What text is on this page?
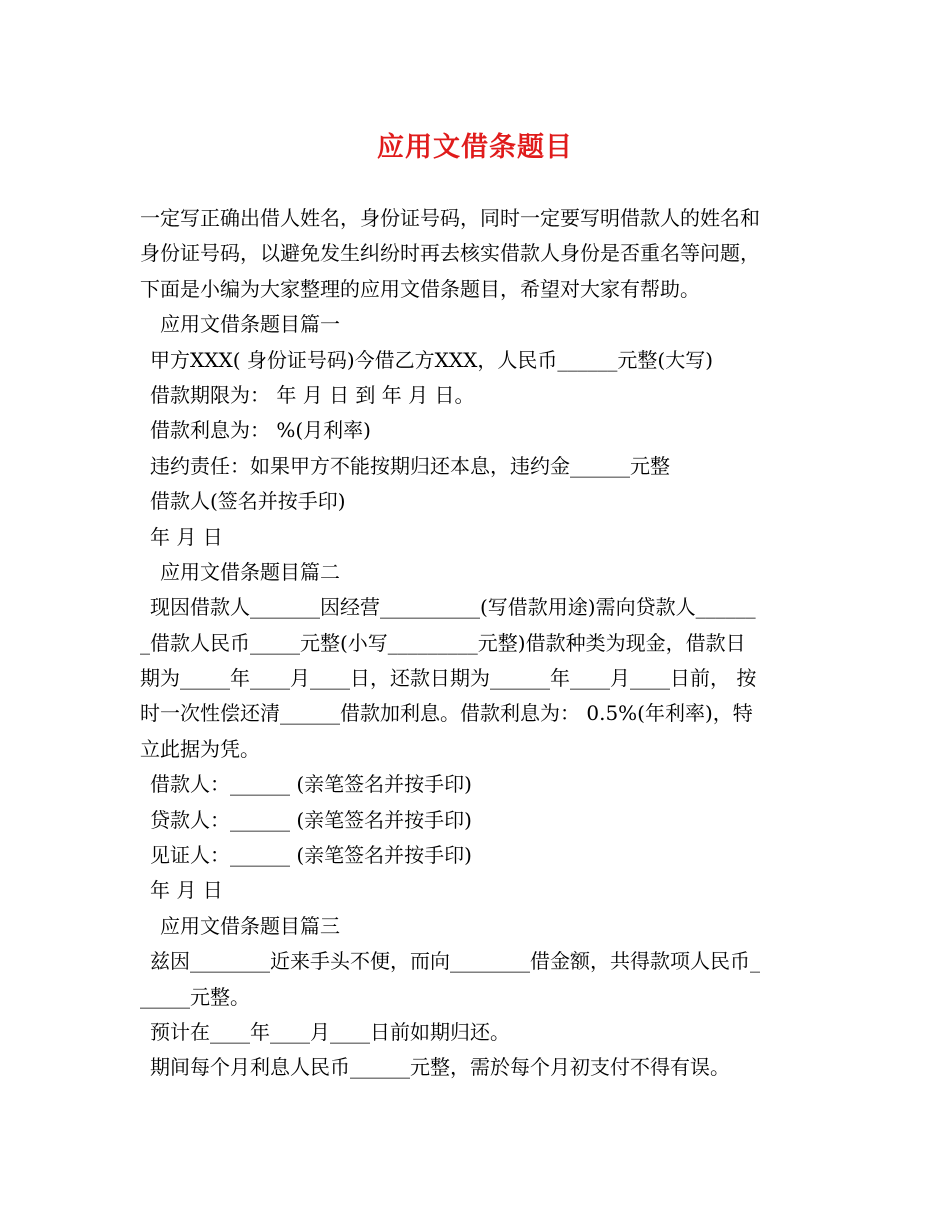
应用文借条题目
一定写正确出借人姓名，身份证号码，同时一定要写明借款人的姓名和
身份证号码，以避免发生纠纷时再去核实借款人身份是否重名等问题，
下面是小编为大家整理的应用文借条题目，希望对大家有帮助。
应用文借条题目篇一
甲方XXX( 身份证号码)今借乙方XXX，人民币______元整(大写)
借款期限为： 年 月 日 到 年 月 日。
借款利息为： %(月利率)
违约责任：如果甲方不能按期归还本息，违约金______元整
借款人(签名并按手印)
年 月 日
应用文借条题目篇二
现因借款人_______因经营__________(写借款用途)需向贷款人______
_借款人民币_____元整(小写_________元整)借款种类为现金，借款日
期为_____年____月____日，还款日期为______年____月____日前， 按
时一次性偿还清______借款加利息。借款利息为： 0.5%(年利率)，特
立此据为凭。
借款人：______ (亲笔签名并按手印)
贷款人：______ (亲笔签名并按手印)
见证人：______ (亲笔签名并按手印)
年 月 日
应用文借条题目篇三
兹因________近来手头不便，而向________借金额，共得款项人民币_
_____元整。
预计在____年____月____日前如期归还。
期间每个月利息人民币______元整，需於每个月初支付不得有误。
